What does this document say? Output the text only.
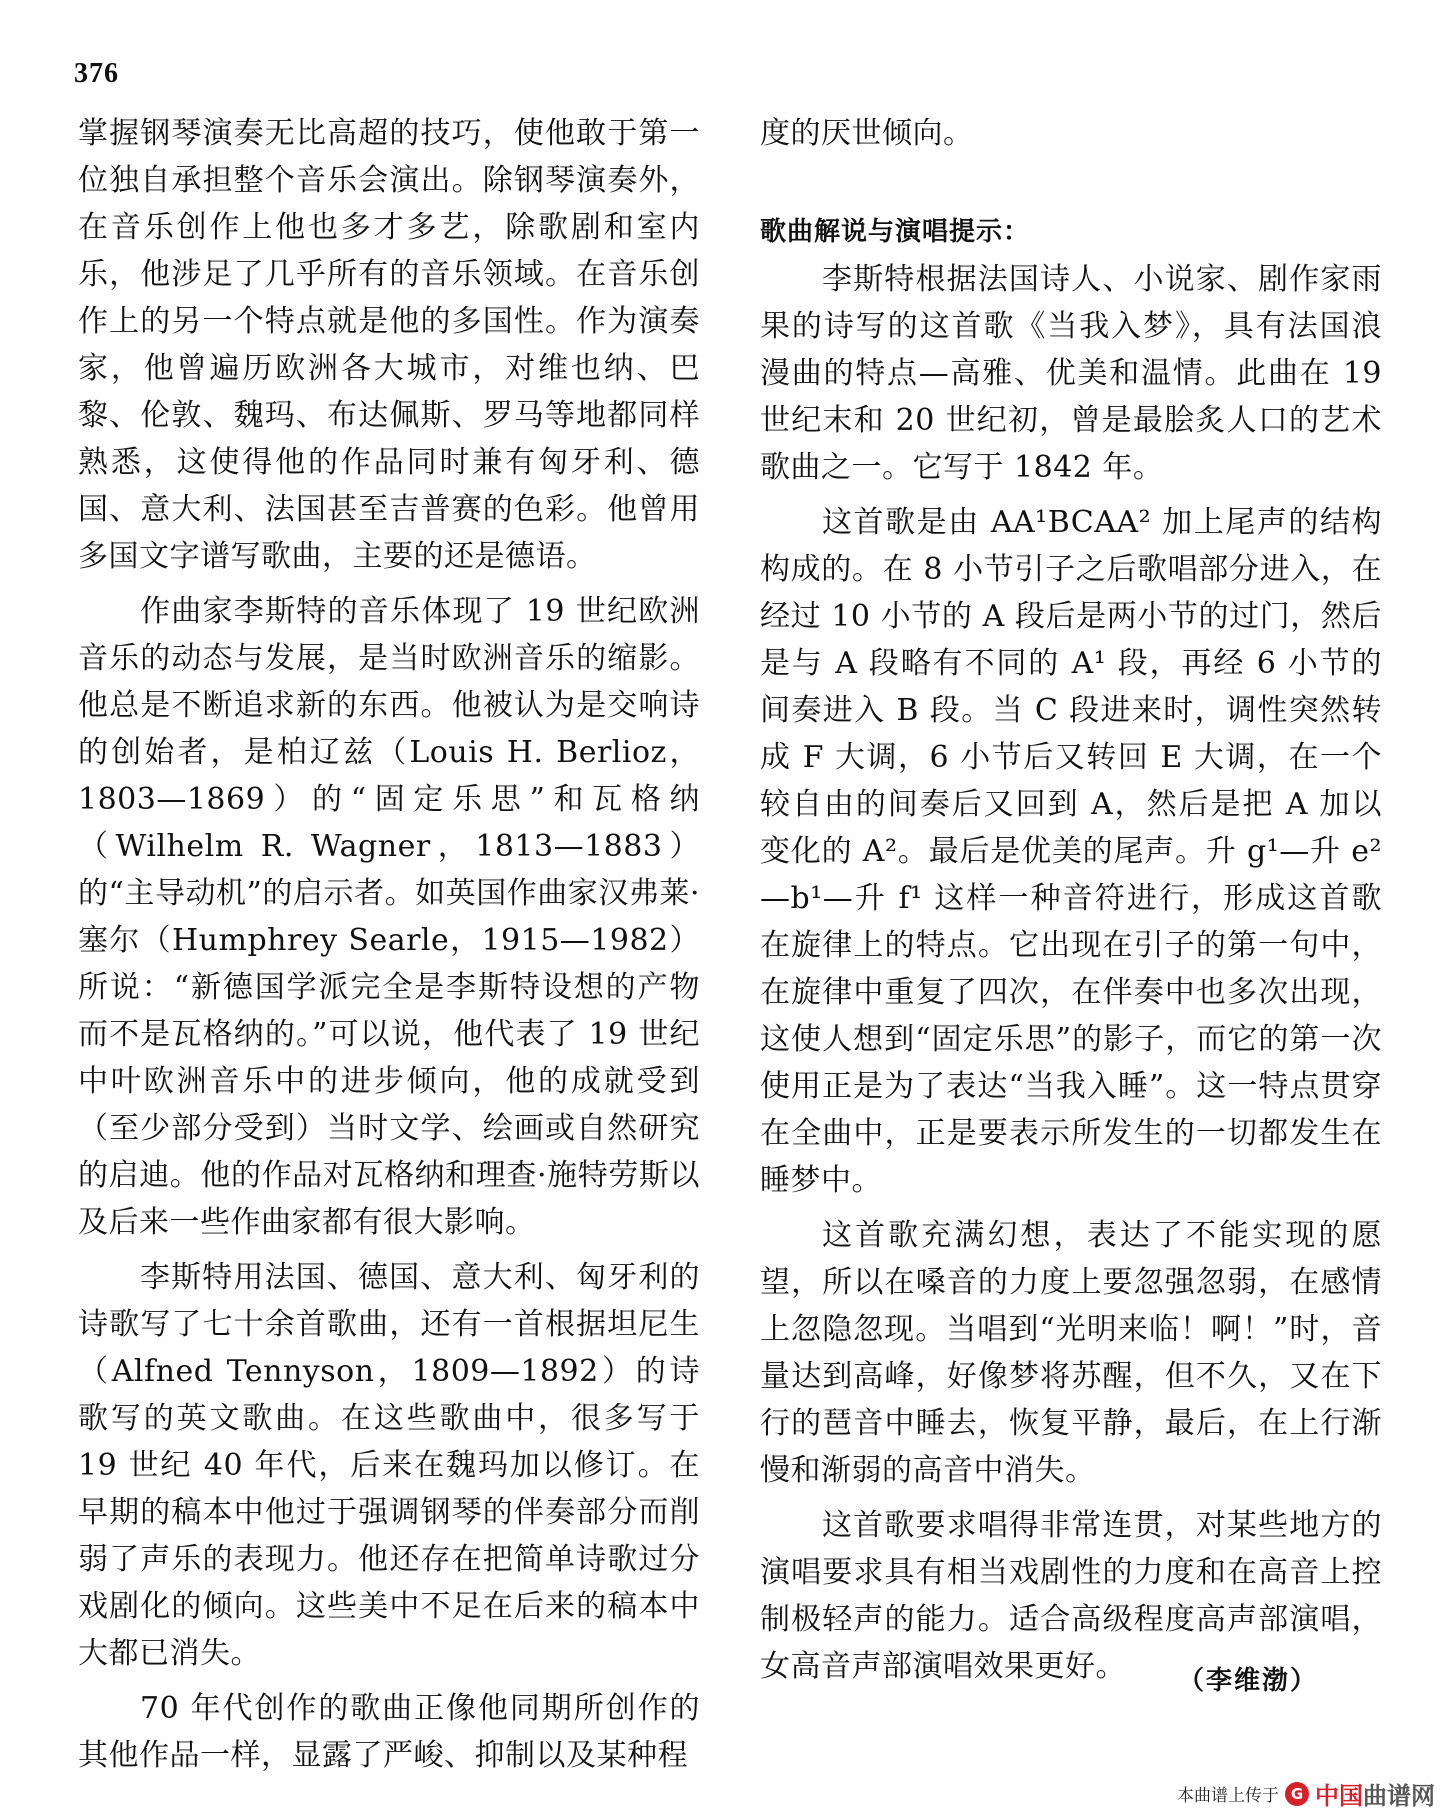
376

掌握钢琴演奏无比高超的技巧，使他敢于第一位独自承担整个音乐会演出。除钢琴演奏外，在音乐创作上他也多才多艺，除歌剧和室内乐，他涉足了几乎所有的音乐领域。在音乐创作上的另一个特点就是他的多国性。作为演奏家，他曾遍历欧洲各大城市，对维也纳、巴黎、伦敦、魏玛、布达佩斯、罗马等地都同样熟悉，这使得他的作品同时兼有匈牙利、德国、意大利、法国甚至吉普赛的色彩。他曾用多国文字谱写歌曲，主要的还是德语。

作曲家李斯特的音乐体现了 19 世纪欧洲音乐的动态与发展，是当时欧洲音乐的缩影。他总是不断追求新的东西。他被认为是交响诗的创始者，是柏辽兹（Louis H. Berlioz，1803—1869）的“固定乐思”和瓦格纳（Wilhelm R. Wagner，1813—1883）的“主导动机”的启示者。如英国作曲家汉弗莱·塞尔（Humphrey Searle，1915—1982）所说：“新德国学派完全是李斯特设想的产物而不是瓦格纳的。”可以说，他代表了 19 世纪中叶欧洲音乐中的进步倾向，他的成就受到（至少部分受到）当时文学、绘画或自然研究的启迪。他的作品对瓦格纳和理查·施特劳斯以及后来一些作曲家都有很大影响。

李斯特用法国、德国、意大利、匈牙利的诗歌写了七十余首歌曲，还有一首根据坦尼生（Alfned Tennyson，1809—1892）的诗歌写的英文歌曲。在这些歌曲中，很多写于 19 世纪 40 年代，后来在魏玛加以修订。在早期的稿本中他过于强调钢琴的伴奏部分而削弱了声乐的表现力。他还存在把简单诗歌过分戏剧化的倾向。这些美中不足在后来的稿本中大都已消失。

70 年代创作的歌曲正像他同期所创作的其他作品一样，显露了严峻、抑制以及某种程

度的厌世倾向。

歌曲解说与演唱提示：

李斯特根据法国诗人、小说家、剧作家雨果的诗写的这首歌《当我入梦》，具有法国浪漫曲的特点—高雅、优美和温情。此曲在 19 世纪末和 20 世纪初，曾是最脍炙人口的艺术歌曲之一。它写于 1842 年。

这首歌是由 AA¹BCAA² 加上尾声的结构构成的。在 8 小节引子之后歌唱部分进入，在经过 10 小节的 A 段后是两小节的过门，然后是与 A 段略有不同的 A¹ 段，再经 6 小节的间奏进入 B 段。当 C 段进来时，调性突然转成 F 大调，6 小节后又转回 E 大调，在一个较自由的间奏后又回到 A，然后是把 A 加以变化的 A²。最后是优美的尾声。升 g¹—升 e²—b¹—升 f¹ 这样一种音符进行，形成这首歌在旋律上的特点。它出现在引子的第一句中，在旋律中重复了四次，在伴奏中也多次出现，这使人想到“固定乐思”的影子，而它的第一次使用正是为了表达“当我入睡”。这一特点贯穿在全曲中，正是要表示所发生的一切都发生在睡梦中。

这首歌充满幻想，表达了不能实现的愿望，所以在嗓音的力度上要忽强忽弱，在感情上忽隐忽现。当唱到“光明来临！啊！”时，音量达到高峰，好像梦将苏醒，但不久，又在下行的琶音中睡去，恢复平静，最后，在上行渐慢和渐弱的高音中消失。

这首歌要求唱得非常连贯，对某些地方的演唱要求具有相当戏剧性的力度和在高音上控制极轻声的能力。适合高级程度高声部演唱，女高音声部演唱效果更好。	（李维渤）
本曲谱上传于 G 中国曲谱网
